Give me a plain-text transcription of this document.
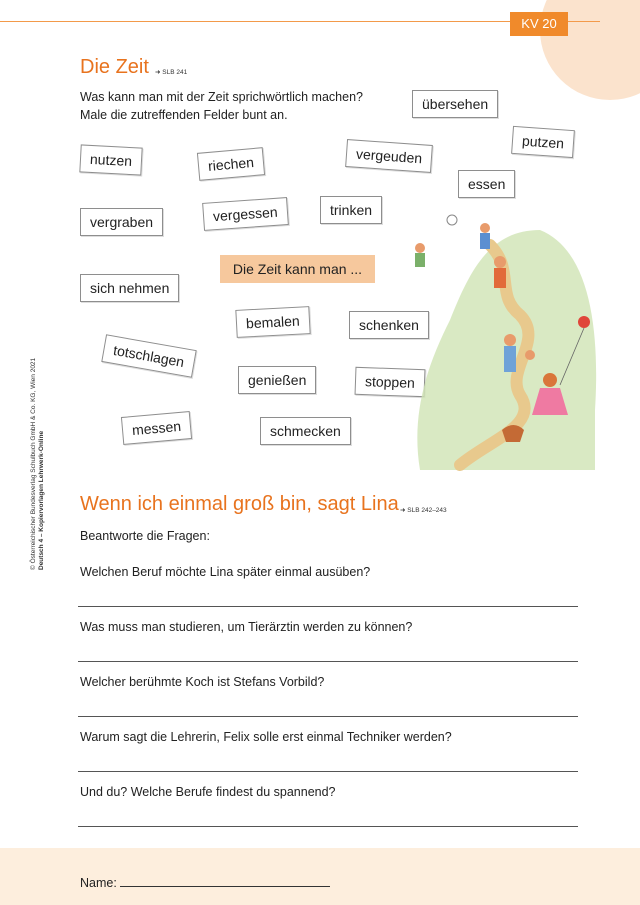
KV 20
© Österreichischer Bundesverlag Schulbuch GmbH & Co. KG, Wien 2021 Deutsch 4 – Kopiervorlagen Lehrwerk-Online
Die Zeit ➜ SLB 241
Was kann man mit der Zeit sprichwörtlich machen?
Male die zutreffenden Felder bunt an.
übersehen
putzen
nutzen	riechen	vergeuden
essen
vergraben	vergessen	trinken
Die Zeit kann man ...
sich nehmen
bemalen	schenken
totschlagen
genießen	stoppen
messen	schmecken
Wenn ich einmal groß bin, sagt Lina ➜ SLB 242–243
Beantworte die Fragen:
Welchen Beruf möchte Lina später einmal ausüben?
Was muss man studieren, um Tierärztin werden zu können?
Welcher berühmte Koch ist Stefans Vorbild?
Warum sagt die Lehrerin, Felix solle erst einmal Techniker werden?
Und du? Welche Berufe findest du spannend?
Name:
